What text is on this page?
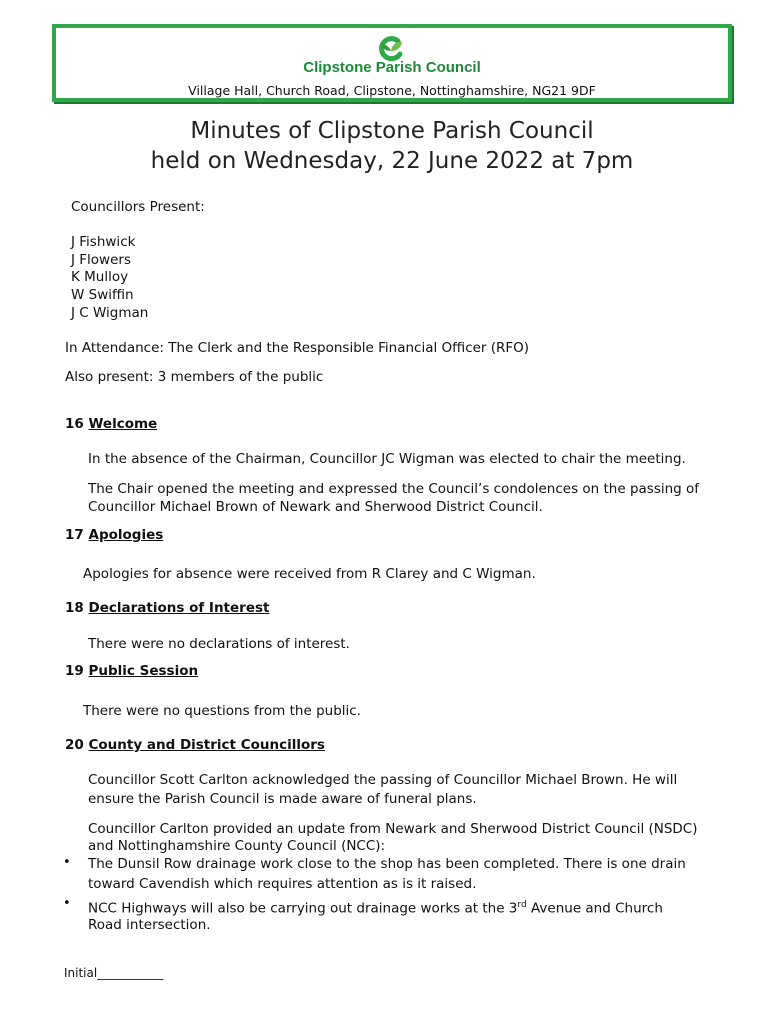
Clipstone Parish Council
Village Hall, Church Road, Clipstone, Nottinghamshire, NG21 9DF
Minutes of Clipstone Parish Council
held on Wednesday, 22 June 2022 at 7pm
Councillors Present:
J Fishwick
J Flowers
K Mulloy
W Swiffin
J C Wigman
In Attendance: The Clerk and the Responsible Financial Officer (RFO)
Also present: 3 members of the public
16 Welcome
In the absence of the Chairman, Councillor JC Wigman was elected to chair the meeting.
The Chair opened the meeting and expressed the Council’s condolences on the passing of
Councillor Michael Brown of Newark and Sherwood District Council.
17 Apologies
Apologies for absence were received from R Clarey and C Wigman.
18 Declarations of Interest
There were no declarations of interest.
19 Public Session
There were no questions from the public.
20 County and District Councillors
Councillor Scott Carlton acknowledged the passing of Councillor Michael Brown. He will
ensure the Parish Council is made aware of funeral plans.
Councillor Carlton provided an update from Newark and Sherwood District Council (NSDC)
and Nottinghamshire County Council (NCC):
• The Dunsil Row drainage work close to the shop has been completed. There is one drain
toward Cavendish which requires attention as is it raised.
• NCC Highways will also be carrying out drainage works at the 3rd Avenue and Church
Road intersection.
Initial___________
